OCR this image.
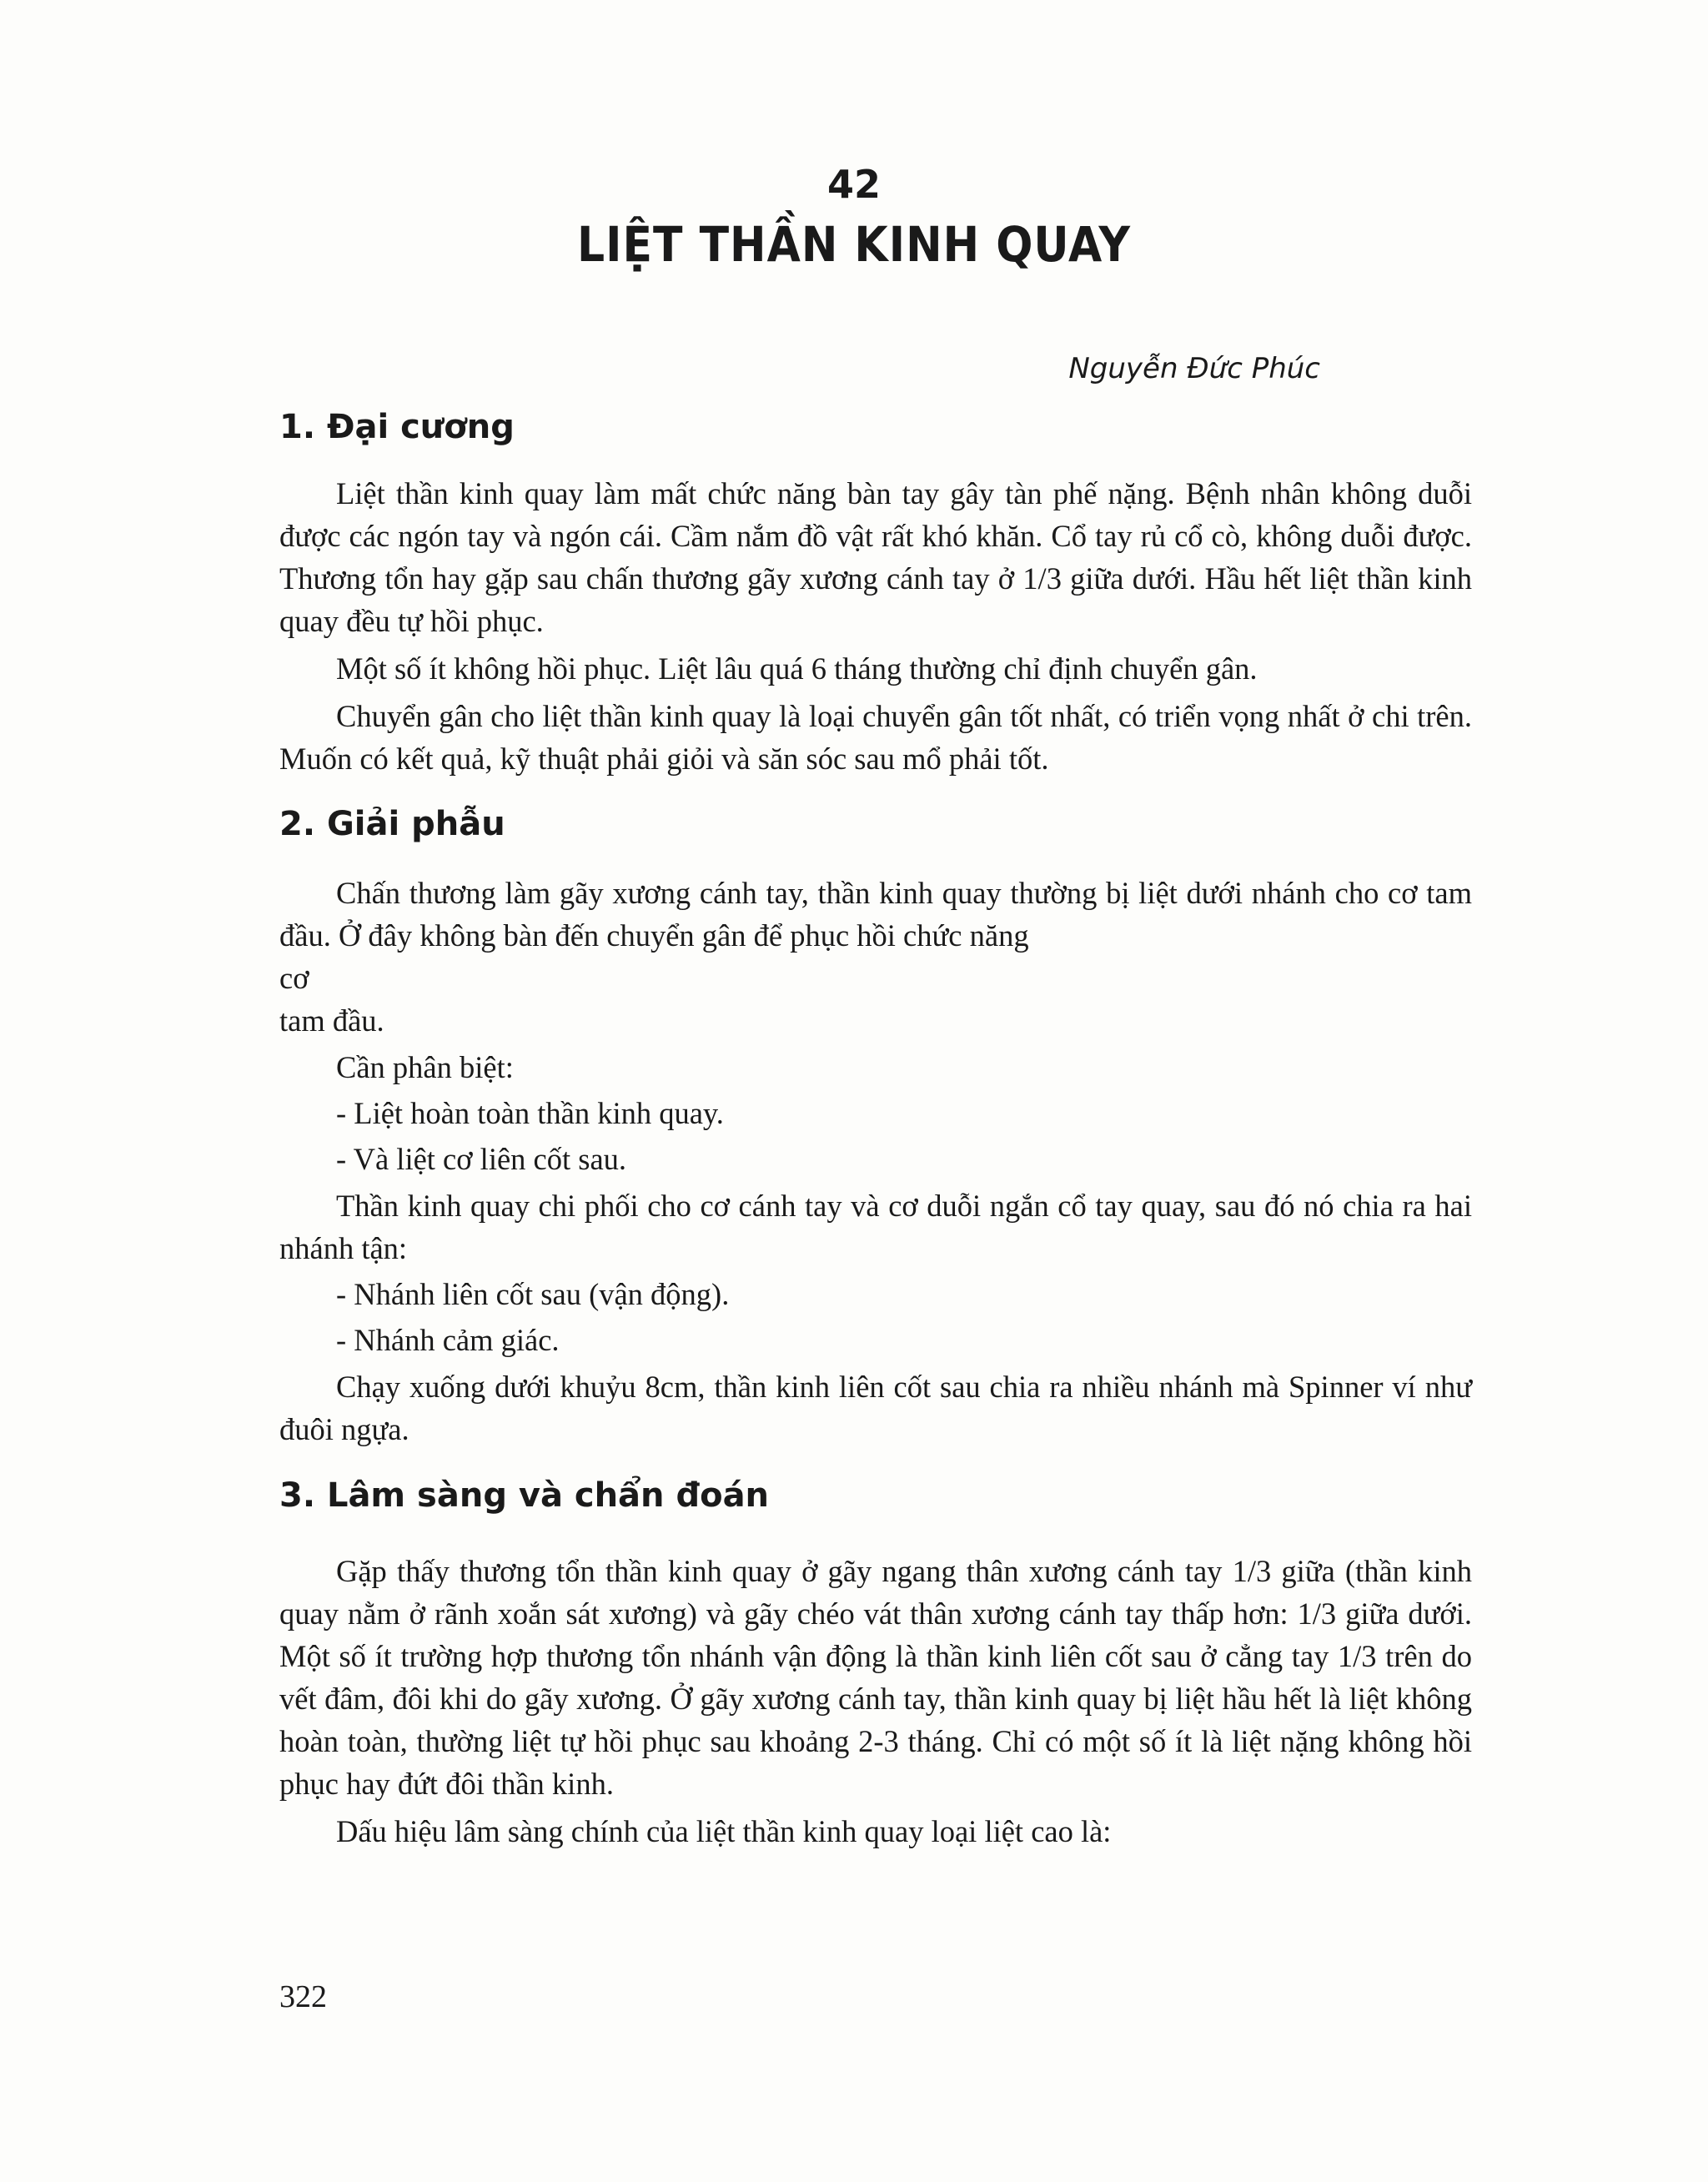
42
LIỆT THẦN KINH QUAY
Nguyễn Đức Phúc
1. Đại cương

Liệt thần kinh quay làm mất chức năng bàn tay gây tàn phế nặng. Bệnh nhân không duỗi được các ngón tay và ngón cái. Cầm nắm đồ vật rất khó khăn. Cổ tay rủ cổ cò, không duỗi được. Thương tổn hay gặp sau chấn thương gãy xương cánh tay ở 1/3 giữa dưới. Hầu hết liệt thần kinh quay đều tự hồi phục.

Một số ít không hồi phục. Liệt lâu quá 6 tháng thường chỉ định chuyển gân.

Chuyển gân cho liệt thần kinh quay là loại chuyển gân tốt nhất, có triển vọng nhất ở chi trên. Muốn có kết quả, kỹ thuật phải giỏi và săn sóc sau mổ phải tốt.

2. Giải phẫu

Chấn thương làm gãy xương cánh tay, thần kinh quay thường bị liệt dưới nhánh cho cơ tam đầu. Ở đây không bàn đến chuyển gân để phục hồi chức năng

cơ

tam đầu.

Cần phân biệt:

- Liệt hoàn toàn thần kinh quay.

- Và liệt cơ liên cốt sau.

Thần kinh quay chi phối cho cơ cánh tay và cơ duỗi ngắn cổ tay quay, sau đó nó chia ra hai nhánh tận:

- Nhánh liên cốt sau (vận động).

- Nhánh cảm giác.

Chạy xuống dưới khuỷu 8cm, thần kinh liên cốt sau chia ra nhiều nhánh mà Spinner ví như đuôi ngựa.

3. Lâm sàng và chẩn đoán

Gặp thấy thương tổn thần kinh quay ở gãy ngang thân xương cánh tay 1/3 giữa (thần kinh quay nằm ở rãnh xoắn sát xương) và gãy chéo vát thân xương cánh tay thấp hơn: 1/3 giữa dưới. Một số ít trường hợp thương tổn nhánh vận động là thần kinh liên cốt sau ở cẳng tay 1/3 trên do vết đâm, đôi khi do gãy xương. Ở gãy xương cánh tay, thần kinh quay bị liệt hầu hết là liệt không hoàn toàn, thường liệt tự hồi phục sau khoảng 2-3 tháng. Chỉ có một số ít là liệt nặng không hồi phục hay đứt đôi thần kinh.

Dấu hiệu lâm sàng chính của liệt thần kinh quay loại liệt cao là:

322
